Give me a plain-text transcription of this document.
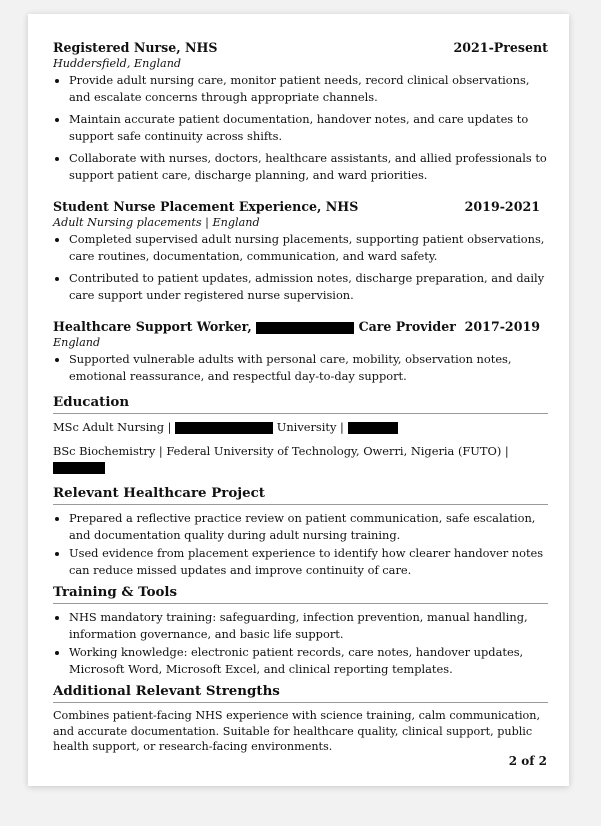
Registered Nurse, NHS	2021-Present
Huddersfield, England
• Provide adult nursing care, monitor patient needs, record clinical observations, and escalate concerns through appropriate channels.
• Maintain accurate patient documentation, handover notes, and care updates to support safe continuity across shifts.
• Collaborate with nurses, doctors, healthcare assistants, and allied professionals to support patient care, discharge planning, and ward priorities.
Student Nurse Placement Experience, NHS	2019-2021
Adult Nursing placements | England
• Completed supervised adult nursing placements, supporting patient observations, care routines, documentation, communication, and ward safety.
• Contributed to patient updates, admission notes, discharge preparation, and daily care support under registered nurse supervision.
Healthcare Support Worker,	Care Provider 2017-2019
England
• Supported vulnerable adults with personal care, mobility, observation notes, emotional reassurance, and respectful day-to-day support.
Education
MSc Adult Nursing |	University |
BSc Biochemistry | Federal University of Technology, Owerri, Nigeria (FUTO) |
Relevant Healthcare Project
• Prepared a reflective practice review on patient communication, safe escalation, and documentation quality during adult nursing training.
• Used evidence from placement experience to identify how clearer handover notes can reduce missed updates and improve continuity of care.
Training & Tools
• NHS mandatory training: safeguarding, infection prevention, manual handling, information governance, and basic life support.
• Working knowledge: electronic patient records, care notes, handover updates, Microsoft Word, Microsoft Excel, and clinical reporting templates.
Additional Relevant Strengths
Combines patient-facing NHS experience with science training, calm communication, and accurate documentation. Suitable for healthcare quality, clinical support, public health support, or research-facing environments.
2 of 2
